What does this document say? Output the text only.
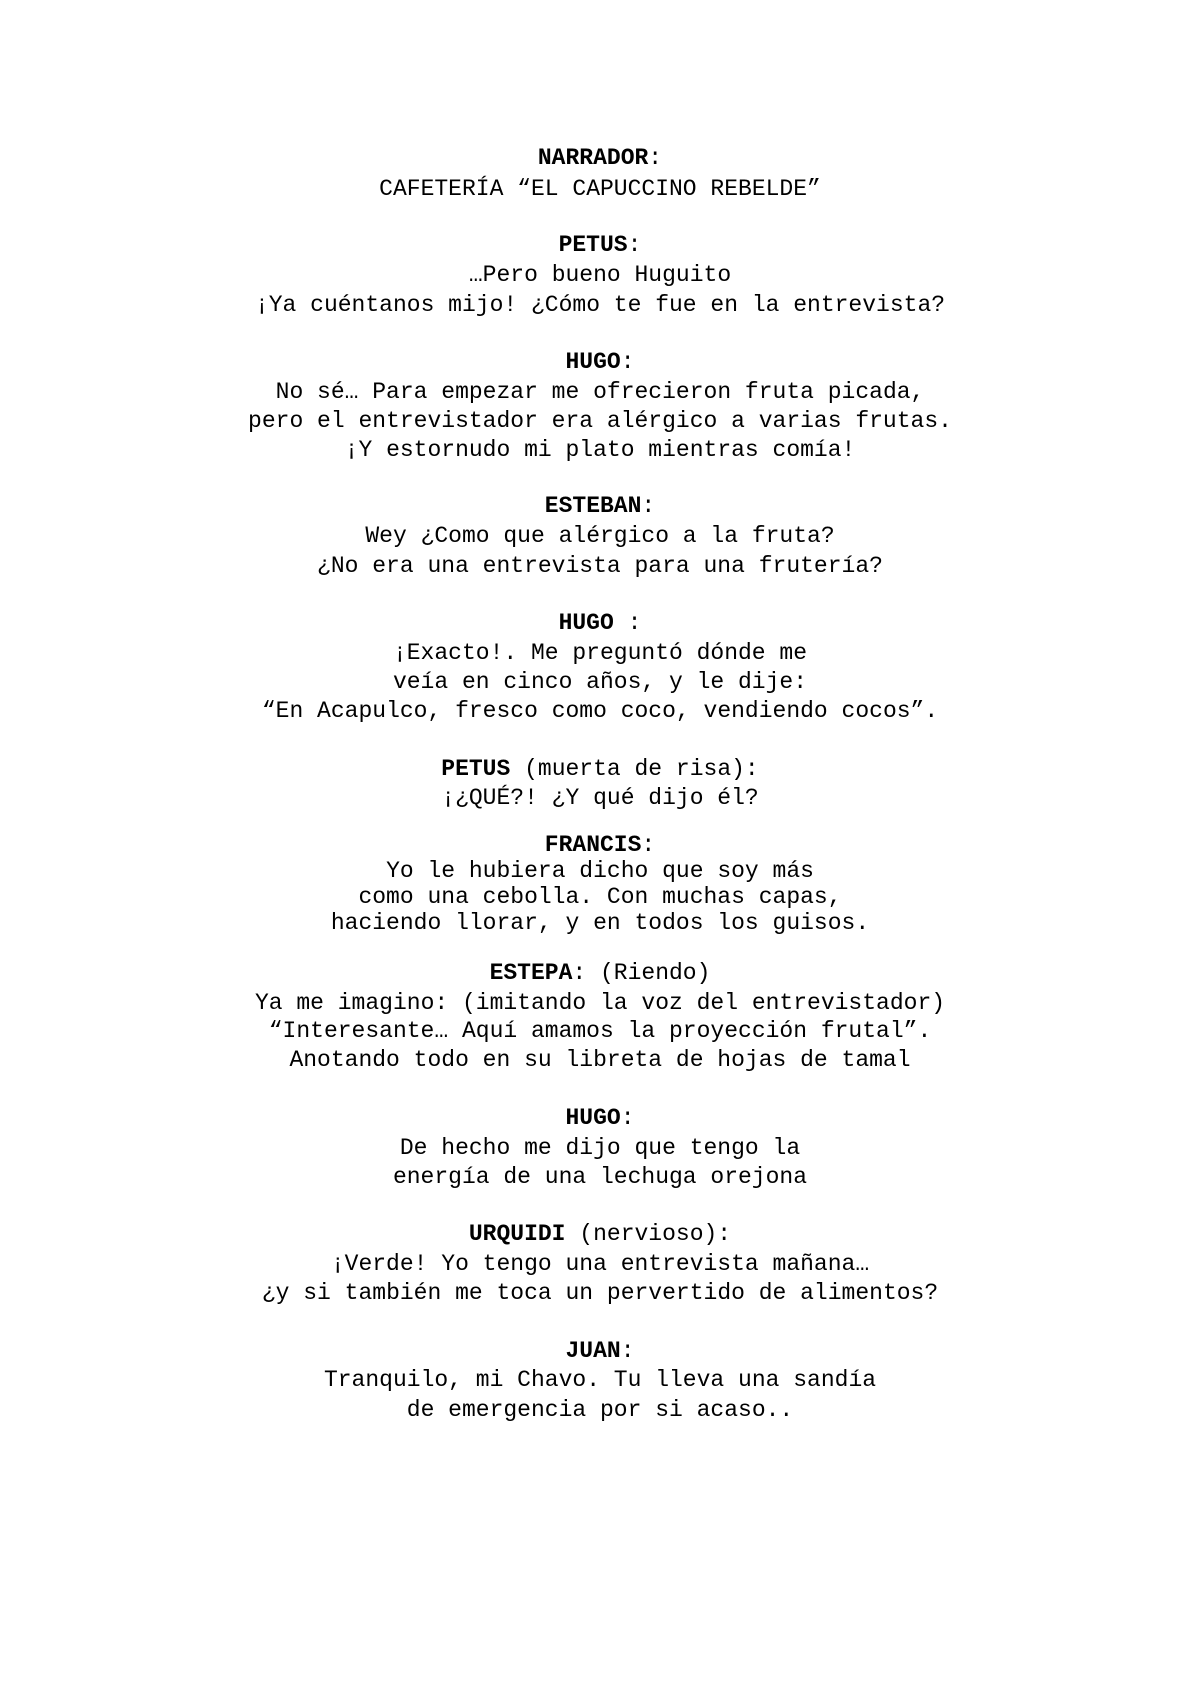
NARRADOR:
CAFETERÍA “EL CAPUCCINO REBELDE”
PETUS:
…Pero bueno Huguito
¡Ya cuéntanos mijo! ¿Cómo te fue en la entrevista?
HUGO:
No sé… Para empezar me ofrecieron fruta picada,
pero el entrevistador era alérgico a varias frutas.
¡Y estornudo mi plato mientras comía!
ESTEBAN:
Wey ¿Como que alérgico a la fruta?
¿No era una entrevista para una frutería?
HUGO :
¡Exacto!. Me preguntó dónde me
veía en cinco años, y le dije:
“En Acapulco, fresco como coco, vendiendo cocos”.
PETUS (muerta de risa):
¡¿QUÉ?! ¿Y qué dijo él?
FRANCIS:
Yo le hubiera dicho que soy más
como una cebolla. Con muchas capas,
haciendo llorar, y en todos los guisos.
ESTEPA: (Riendo)
Ya me imagino: (imitando la voz del entrevistador)
“Interesante… Aquí amamos la proyección frutal”.
Anotando todo en su libreta de hojas de tamal
HUGO:
De hecho me dijo que tengo la
energía de una lechuga orejona
URQUIDI (nervioso):
¡Verde! Yo tengo una entrevista mañana…
¿y si también me toca un pervertido de alimentos?
JUAN:
Tranquilo, mi Chavo. Tu lleva una sandía
de emergencia por si acaso..
